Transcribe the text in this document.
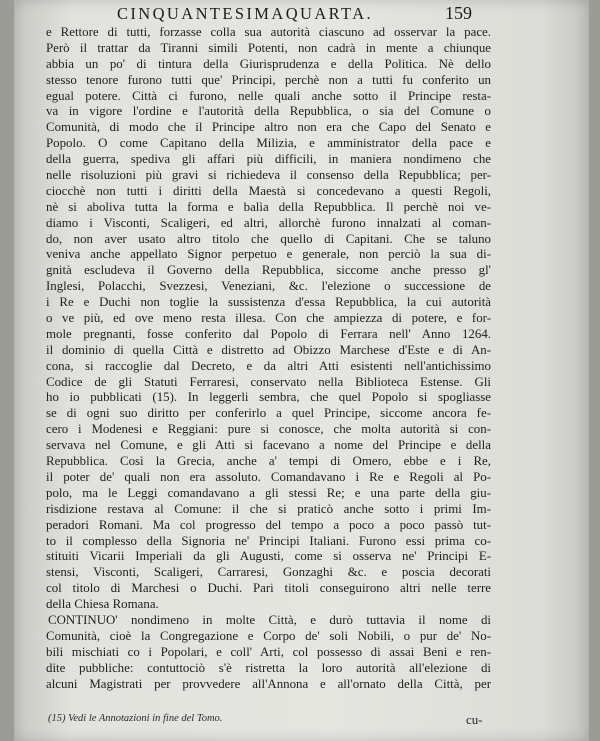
CINQUANTESIMAQUARTA.	159
e Rettore di tutti, forzasse colla sua autorità ciascuno ad osservar la pace.
Però il trattar da Tiranni simili Potenti, non cadrà in mente a chiunque
abbia un po' di tintura della Giurisprudenza e della Politica. Nè dello
stesso tenore furono tutti que' Principi, perchè non a tutti fu conferito un
egual potere. Città ci furono, nelle quali anche sotto il Principe resta-
va in vigore l'ordine e l'autorità della Repubblica, o sia del Comune o
Comunità, di modo che il Principe altro non era che Capo del Senato e
Popolo. O come Capitano della Milizia, e amministrator della pace e
della guerra, spediva gli affari più difficili, in maniera nondimeno che
nelle risoluzioni più gravi si richiedeva il consenso della Repubblica; per-
ciocchè non tutti i diritti della Maestà si concedevano a questi Regoli,
nè si aboliva tutta la forma e balìa della Repubblica. Il perchè noi ve-
diamo i Visconti, Scaligeri, ed altri, allorchè furono innalzati al coman-
do, non aver usato altro titolo che quello di Capitani. Che se taluno
veniva anche appellato Signor perpetuo e generale, non perciò la sua di-
gnità escludeva il Governo della Repubblica, siccome anche presso gl'
Inglesi, Polacchi, Svezzesi, Veneziani, &c. l'elezione o successione de
i Re e Duchi non toglie la sussistenza d'essa Repubblica, la cui autorità
o ve più, ed ove meno resta illesa. Con che ampiezza di potere, e for-
mole pregnanti, fosse conferito dal Popolo di Ferrara nell' Anno 1264.
il dominio di quella Città e distretto ad Obizzo Marchese d'Este e di An-
cona, si raccoglie dal Decreto, e da altri Atti esistenti nell'antichissimo
Codice de gli Statuti Ferraresi, conservato nella Biblioteca Estense. Gli
ho io pubblicati (15). In leggerli sembra, che quel Popolo si spogliasse
se di ogni suo diritto per conferirlo a quel Principe, siccome ancora fe-
cero i Modenesi e Reggiani: pure si conosce, che molta autorità si con-
servava nel Comune, e gli Atti si facevano a nome del Principe e della
Repubblica. Così la Grecia, anche a' tempi di Omero, ebbe e i Re,
il poter de' quali non era assoluto. Comandavano i Re e Regoli al Po-
polo, ma le Leggi comandavano a gli stessi Re; e una parte della giu-
risdizione restava al Comune: il che si praticò anche sotto i primi Im-
peradori Romani. Ma col progresso del tempo a poco a poco passò tut-
to il complesso della Signoria ne' Principi Italiani. Furono essi prima co-
stituiti Vicarii Imperiali da gli Augusti, come si osserva ne' Principi E-
stensi, Visconti, Scaligeri, Carraresi, Gonzaghi &c. e poscia decorati
col titolo di Marchesi o Duchi. Pari titoli conseguirono altri nelle terre
della Chiesa Romana.
CONTINUO' nondimeno in molte Città, e durò tuttavia il nome di
Comunità, cioè la Congregazione e Corpo de' soli Nobili, o pur de' No-
bili mischiati co i Popolari, e coll' Arti, col possesso di assai Beni e ren-
dite pubbliche: contuttociò s'è ristretta la loro autorità all'elezione di
alcuni Magistrati per provvedere all'Annona e all'ornato della Città, per
(15) Vedi le Annotazioni in fine del Tomo.	cu-
